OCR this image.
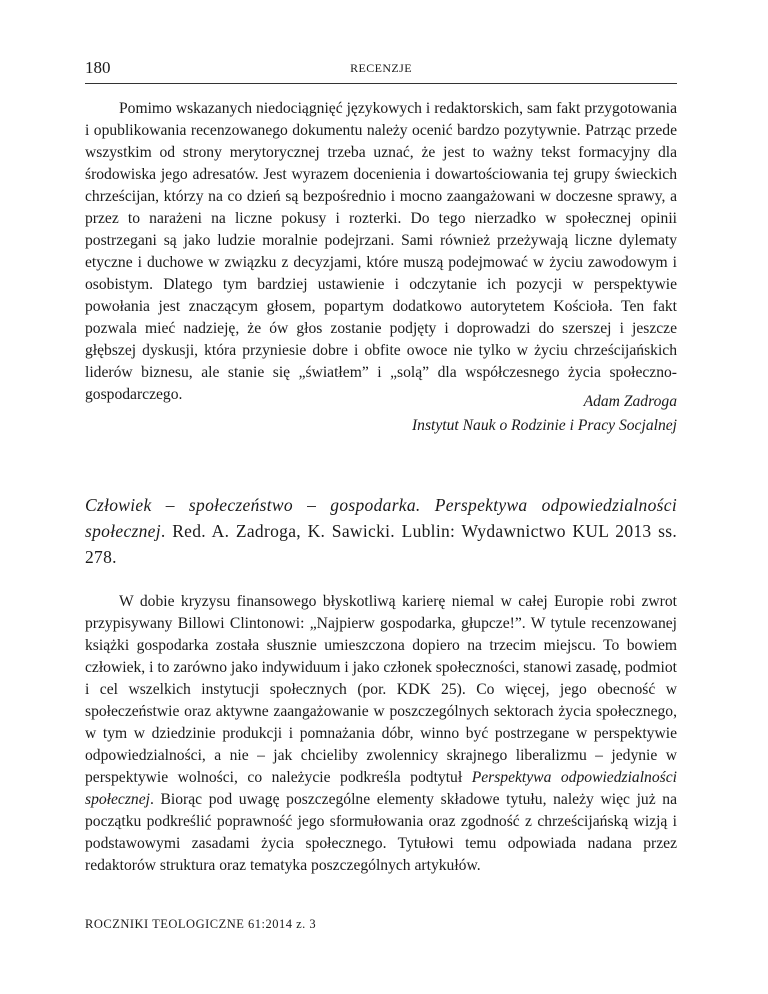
180	RECENZJE

Pomimo wskazanych niedociągnięć językowych i redaktorskich, sam fakt przygotowania i opublikowania recenzowanego dokumentu należy ocenić bardzo pozytywnie. Patrząc przede wszystkim od strony merytorycznej trzeba uznać, że jest to ważny tekst formacyjny dla środowiska jego adresatów. Jest wyrazem docenienia i dowartościowania tej grupy świeckich chrześcijan, którzy na co dzień są bezpośrednio i mocno zaangażowani w doczesne sprawy, a przez to narażeni na liczne pokusy i rozterki. Do tego nierzadko w społecznej opinii postrzegani są jako ludzie moralnie podejrzani. Sami również przeżywają liczne dylematy etyczne i duchowe w związku z decyzjami, które muszą podejmować w życiu zawodowym i osobistym. Dlatego tym bardziej ustawienie i odczytanie ich pozycji w perspektywie powołania jest znaczącym głosem, popartym dodatkowo autorytetem Kościoła. Ten fakt pozwala mieć nadzieję, że ów głos zostanie podjęty i doprowadzi do szerszej i jeszcze głębszej dyskusji, która przyniesie dobre i obfite owoce nie tylko w życiu chrześcijańskich liderów biznesu, ale stanie się „światłem” i „solą” dla współczesnego życia społeczno-gospodarczego.	Adam Zadroga
Instytut Nauk o Rodzinie i Pracy Socjalnej

Człowiek – społeczeństwo – gospodarka. Perspektywa odpowiedzialności społecznej. Red. A. Zadroga, K. Sawicki. Lublin: Wydawnictwo KUL 2013 ss. 278.

W dobie kryzysu finansowego błyskotliwą karierę niemal w całej Europie robi zwrot przypisywany Billowi Clintonowi: „Najpierw gospodarka, głupcze!”. W tytule recenzowanej książki gospodarka została słusznie umieszczona dopiero na trzecim miejscu. To bowiem człowiek, i to zarówno jako indywiduum i jako członek społeczności, stanowi zasadę, podmiot i cel wszelkich instytucji społecznych (por. KDK 25). Co więcej, jego obecność w społeczeństwie oraz aktywne zaangażowanie w poszczególnych sektorach życia społecznego, w tym w dziedzinie produkcji i pomnażania dóbr, winno być postrzegane w perspektywie odpowiedzialności, a nie – jak chcieliby zwolennicy skrajnego liberalizmu – jedynie w perspektywie wolności, co należycie podkreśla podtytuł Perspektywa odpowiedzialności społecznej. Biorąc pod uwagę poszczególne elementy składowe tytułu, należy więc już na początku podkreślić poprawność jego sformułowania oraz zgodność z chrześcijańską wizją i podstawowymi zasadami życia społecznego. Tytułowi temu odpowiada nadana przez redaktorów struktura oraz tematyka poszczególnych artykułów.

ROCZNIKI TEOLOGICZNE 61:2014 z. 3
